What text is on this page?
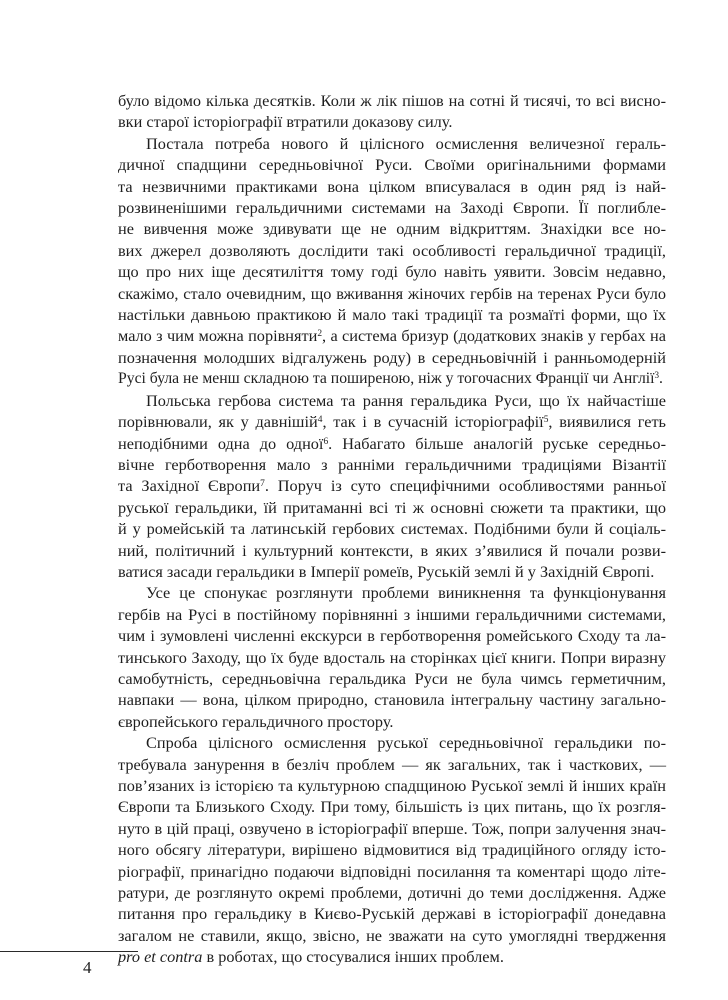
було відомо кілька десятків. Коли ж лік пішов на сотні й тисячі, то всі висно-
вки старої історіографії втратили доказову силу.
Постала потреба нового й цілісного осмислення величезної гераль-
дичної спадщини середньовічної Руси. Своїми оригінальними формами
та незвичними практиками вона цілком вписувалася в один ряд із най-
розвиненішими геральдичними системами на Заході Європи. Її поглибле-
не вивчення може здивувати ще не одним відкриттям. Знахідки все но-
вих джерел дозволяють дослідити такі особливості геральдичної традиції,
що про них іще десятиліття тому годі було навіть уявити. Зовсім недавно,
скажімо, стало очевидним, що вживання жіночих гербів на теренах Руси було
настільки давньою практикою й мало такі традиції та розмаїті форми, що їх
мало з чим можна порівняти$^2$, а система бризур (додаткових знаків у гербах на
позначення молодших відгалужень роду) в середньовічній і ранньомодерній
Русі була не менш складною та поширеною, ніж у тогочасних Франції чи Англії$^3$.
Польська гербова система та рання геральдика Руси, що їх найчастіше
порівнювали, як у давнішій$^4$, так і в сучасній історіографії$^5$, виявилися геть
неподібними одна до одної$^6$. Набагато більше аналогій руське середньо-
вічне герботворення мало з ранніми геральдичними традиціями Візантії
та Західної Європи$^7$. Поруч із суто специфічними особливостями ранньої
руської геральдики, їй притаманні всі ті ж основні сюжети та практики, що
й у ромейській та латинській гербових системах. Подібними були й соціаль-
ний, політичний і культурний контексти, в яких з’явилися й почали розви-
ватися засади геральдики в Імперії ромеїв, Руській землі й у Західній Європі.
Усе це спонукає розглянути проблеми виникнення та функціонування
гербів на Русі в постійному порівнянні з іншими геральдичними системами,
чим і зумовлені численні екскурси в герботворення ромейського Сходу та ла-
тинського Заходу, що їх буде вдосталь на сторінках цієї книги. Попри виразну
самобутність, середньовічна геральдика Руси не була чимсь герметичним,
навпаки — вона, цілком природно, становила інтегральну частину загально-
європейського геральдичного простору.
Спроба цілісного осмислення руської середньовічної геральдики по-
требувала занурення в безліч проблем — як загальних, так і часткових, —
пов’язаних із історією та культурною спадщиною Руської землі й інших країн
Європи та Близького Сходу. При тому, більшість із цих питань, що їх розгля-
нуто в цій праці, озвучено в історіографії вперше. Тож, попри залучення знач-
ного обсягу літератури, вирішено відмовитися від традиційного огляду істо-
ріографії, принагідно подаючи відповідні посилання та коментарі щодо літе-
ратури, де розглянуто окремі проблеми, дотичні до теми дослідження. Адже
питання про геральдику в Києво-Руській державі в історіографії донедавна
загалом не ставили, якщо, звісно, не зважати на суто умоглядні твердження
pro et contra в роботах, що стосувалися інших проблем.
4
